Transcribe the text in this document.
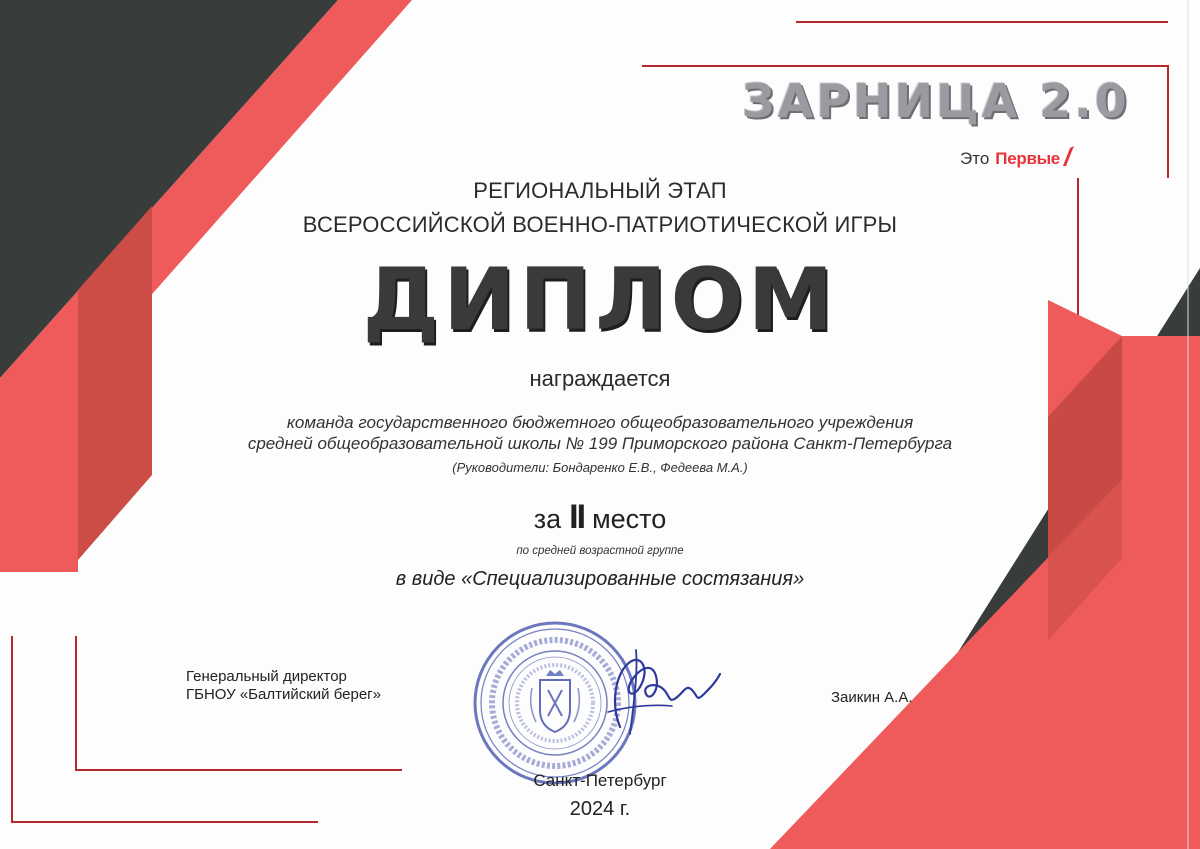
ЗАРНИЦА 2.0
Это Первые
РЕГИОНАЛЬНЫЙ ЭТАП
ВСЕРОССИЙСКОЙ ВОЕННО-ПАТРИОТИЧЕСКОЙ ИГРЫ
ДИПЛОМ
награждается
команда государственного бюджетного общеобразовательного учреждения
средней общеобразовательной школы № 199 Приморского района Санкт-Петербурга
(Руководители: Бондаренко Е.В., Федеева М.А.)
за II место
по средней возрастной группе
в виде «Специализированные состязания»
Генеральный директор
ГБНОУ «Балтийский берег»	Заикин А.А.
Санкт-Петербург
2024 г.
